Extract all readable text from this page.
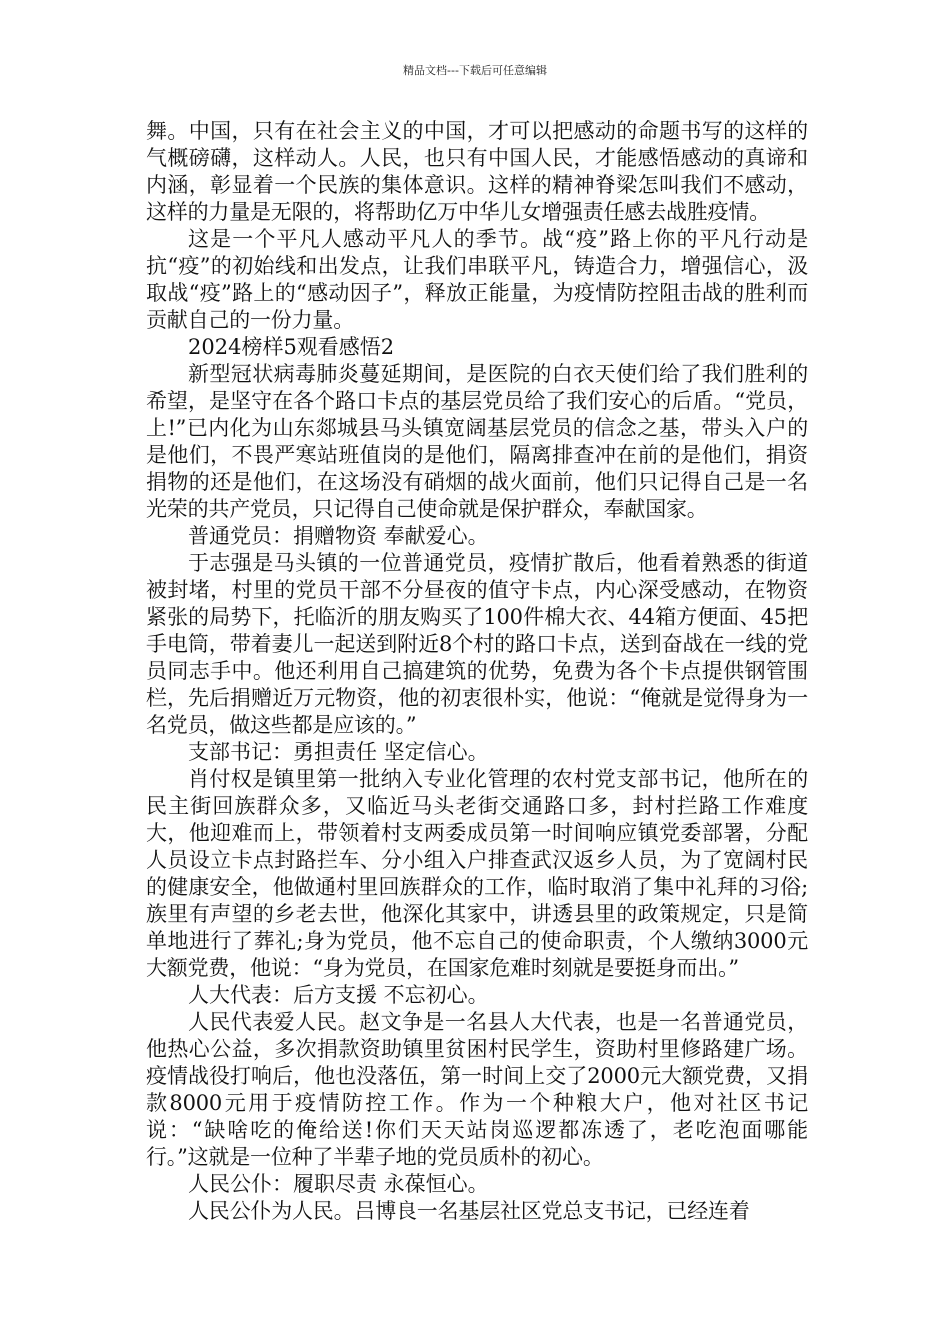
精品文档---下载后可任意编辑

舞。中国，只有在社会主义的中国，才可以把感动的命题书写的这样的气概磅礴，这样动人。人民，也只有中国人民，才能感悟感动的真谛和内涵，彰显着一个民族的集体意识。这样的精神脊梁怎叫我们不感动，这样的力量是无限的，将帮助亿万中华儿女增强责任感去战胜疫情。

这是一个平凡人感动平凡人的季节。战“疫”路上你的平凡行动是抗“疫”的初始线和出发点，让我们串联平凡，铸造合力，增强信心，汲取战“疫”路上的“感动因子”，释放正能量，为疫情防控阻击战的胜利而贡献自己的一份力量。

2024榜样5观看感悟2

新型冠状病毒肺炎蔓延期间，是医院的白衣天使们给了我们胜利的希望，是坚守在各个路口卡点的基层党员给了我们安心的后盾。“党员，上!”已内化为山东郯城县马头镇宽阔基层党员的信念之基，带头入户的是他们，不畏严寒站班值岗的是他们，隔离排查冲在前的是他们，捐资捐物的还是他们，在这场没有硝烟的战火面前，他们只记得自己是一名光荣的共产党员，只记得自己使命就是保护群众，奉献国家。

普通党员：捐赠物资 奉献爱心。

于志强是马头镇的一位普通党员，疫情扩散后，他看着熟悉的街道被封堵，村里的党员干部不分昼夜的值守卡点，内心深受感动，在物资紧张的局势下，托临沂的朋友购买了100件棉大衣、44箱方便面、45把手电筒，带着妻儿一起送到附近8个村的路口卡点，送到奋战在一线的党员同志手中。他还利用自己搞建筑的优势，免费为各个卡点提供钢管围栏，先后捐赠近万元物资，他的初衷很朴实，他说：“俺就是觉得身为一名党员，做这些都是应该的。”

支部书记：勇担责任 坚定信心。

肖付权是镇里第一批纳入专业化管理的农村党支部书记，他所在的民主街回族群众多，又临近马头老街交通路口多，封村拦路工作难度大，他迎难而上，带领着村支两委成员第一时间响应镇党委部署，分配人员设立卡点封路拦车、分小组入户排查武汉返乡人员，为了宽阔村民的健康安全，他做通村里回族群众的工作，临时取消了集中礼拜的习俗;族里有声望的乡老去世，他深化其家中，讲透县里的政策规定，只是简单地进行了葬礼;身为党员，他不忘自己的使命职责，个人缴纳3000元大额党费，他说：“身为党员，在国家危难时刻就是要挺身而出。”

人大代表：后方支援 不忘初心。

人民代表爱人民。赵文争是一名县人大代表，也是一名普通党员，他热心公益，多次捐款资助镇里贫困村民学生，资助村里修路建广场。疫情战役打响后，他也没落伍，第一时间上交了2000元大额党费，又捐款8000元用于疫情防控工作。作为一个种粮大户，他对社区书记说：“缺啥吃的俺给送!你们天天站岗巡逻都冻透了，老吃泡面哪能行。”这就是一位种了半辈子地的党员质朴的初心。

人民公仆：履职尽责 永葆恒心。

人民公仆为人民。吕博良一名基层社区党总支书记，已经连着
